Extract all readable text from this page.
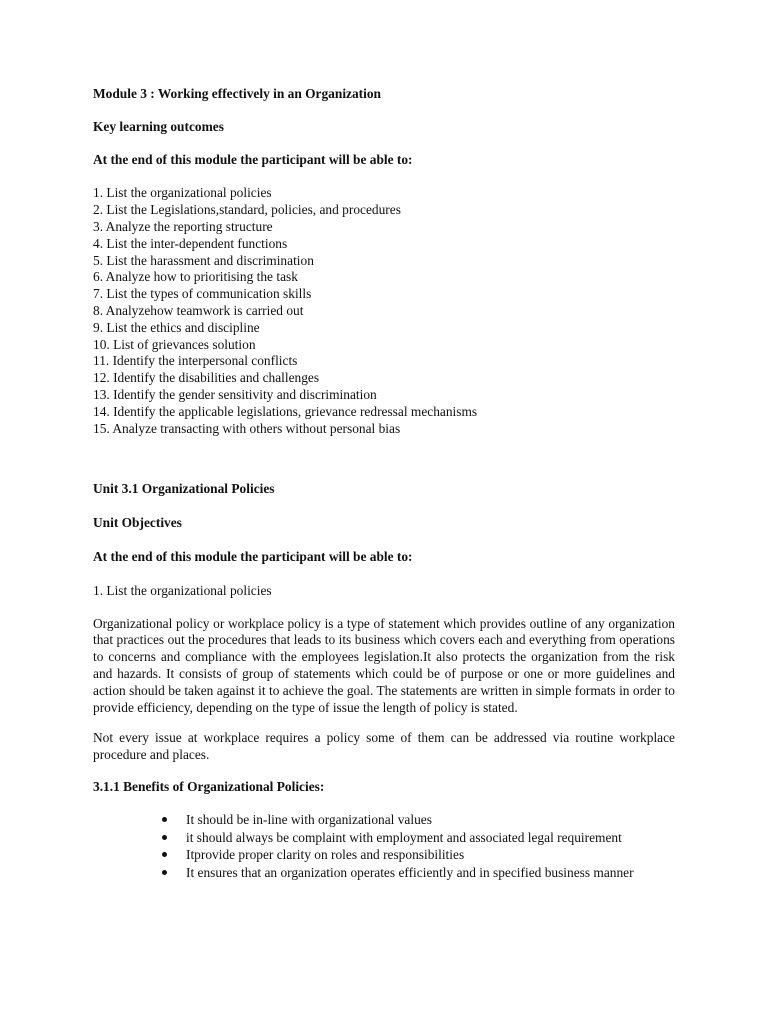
Module 3 : Working effectively in an Organization

Key learning outcomes

At the end of this module the participant will be able to:

1. List the organizational policies
2. List the Legislations,standard, policies, and procedures
3. Analyze the reporting structure
4. List the inter-dependent functions
5. List the harassment and discrimination
6. Analyze how to prioritising the task
7. List the types of communication skills
8. Analyzehow teamwork is carried out
9. List the ethics and discipline
10. List of grievances solution
11. Identify the interpersonal conflicts
12. Identify the disabilities and challenges
13. Identify the gender sensitivity and discrimination
14. Identify the applicable legislations, grievance redressal mechanisms
15. Analyze transacting with others without personal bias

Unit 3.1 Organizational Policies

Unit Objectives

At the end of this module the participant will be able to:

1. List the organizational policies

Organizational policy or workplace policy is a type of statement which provides outline of any organization that practices out the procedures that leads to its business which covers each and everything from operations to concerns and compliance with the employees legislation.It also protects the organization from the risk and hazards. It consists of group of statements which could be of purpose or one or more guidelines and action should be taken against it to achieve the goal. The statements are written in simple formats in order to provide efficiency, depending on the type of issue the length of policy is stated.

Not every issue at workplace requires a policy some of them can be addressed via routine workplace procedure and places.

3.1.1 Benefits of Organizational Policies:

It should be in-line with organizational values
it should always be complaint with employment and associated legal requirement
Itprovide proper clarity on roles and responsibilities
It ensures that an organization operates efficiently and in specified business manner
